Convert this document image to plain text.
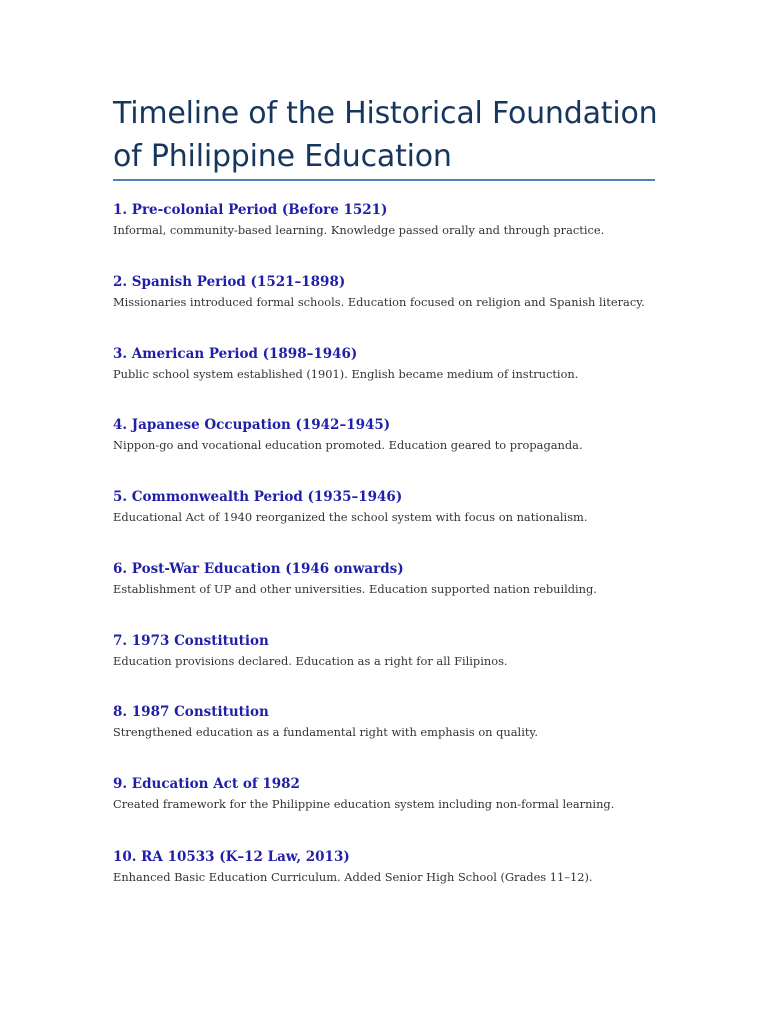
Timeline of the Historical Foundation of Philippine Education

1. Pre-colonial Period (Before 1521)

Informal, community-based learning. Knowledge passed orally and through practice.

2. Spanish Period (1521–1898)

Missionaries introduced formal schools. Education focused on religion and Spanish literacy.

3. American Period (1898–1946)

Public school system established (1901). English became medium of instruction.

4. Japanese Occupation (1942–1945)

Nippon-go and vocational education promoted. Education geared to propaganda.

5. Commonwealth Period (1935–1946)

Educational Act of 1940 reorganized the school system with focus on nationalism.

6. Post-War Education (1946 onwards)

Establishment of UP and other universities. Education supported nation rebuilding.

7. 1973 Constitution

Education provisions declared. Education as a right for all Filipinos.

8. 1987 Constitution

Strengthened education as a fundamental right with emphasis on quality.

9. Education Act of 1982

Created framework for the Philippine education system including non-formal learning.

10. RA 10533 (K–12 Law, 2013)

Enhanced Basic Education Curriculum. Added Senior High School (Grades 11–12).
